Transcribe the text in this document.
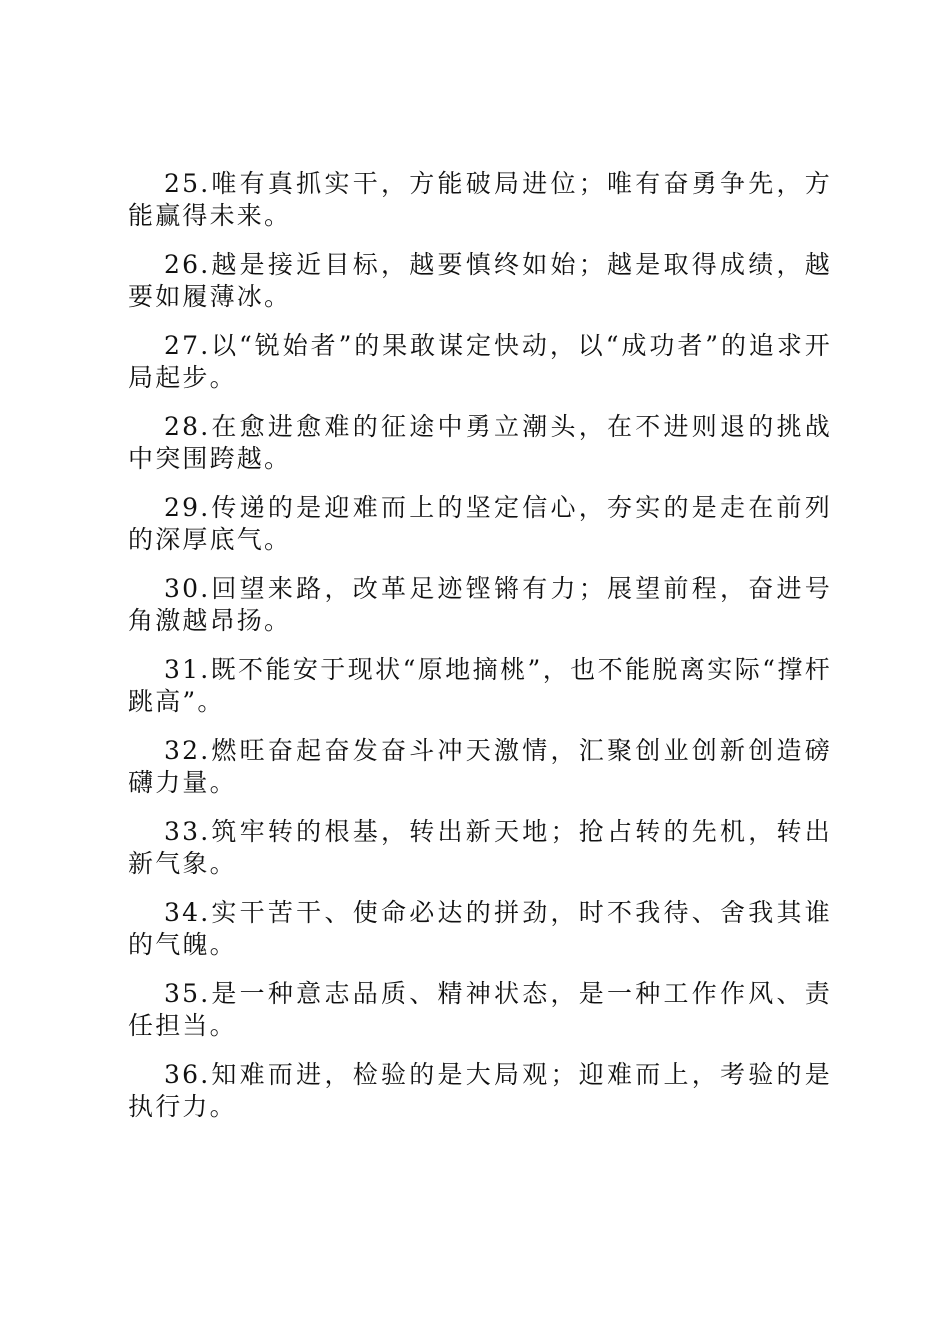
25.唯有真抓实干，方能破局进位；唯有奋勇争先，方能赢得未来。

26.越是接近目标，越要慎终如始；越是取得成绩，越要如履薄冰。

27.以“锐始者”的果敢谋定快动，以“成功者”的追求开局起步。

28.在愈进愈难的征途中勇立潮头，在不进则退的挑战中突围跨越。

29.传递的是迎难而上的坚定信心，夯实的是走在前列的深厚底气。

30.回望来路，改革足迹铿锵有力；展望前程，奋进号角激越昂扬。

31.既不能安于现状“原地摘桃”，也不能脱离实际“撑杆跳高”。

32.燃旺奋起奋发奋斗冲天激情，汇聚创业创新创造磅礴力量。

33.筑牢转的根基，转出新天地；抢占转的先机，转出新气象。

34.实干苦干、使命必达的拼劲，时不我待、舍我其谁的气魄。

35.是一种意志品质、精神状态，是一种工作作风、责任担当。

36.知难而进，检验的是大局观；迎难而上，考验的是执行力。
